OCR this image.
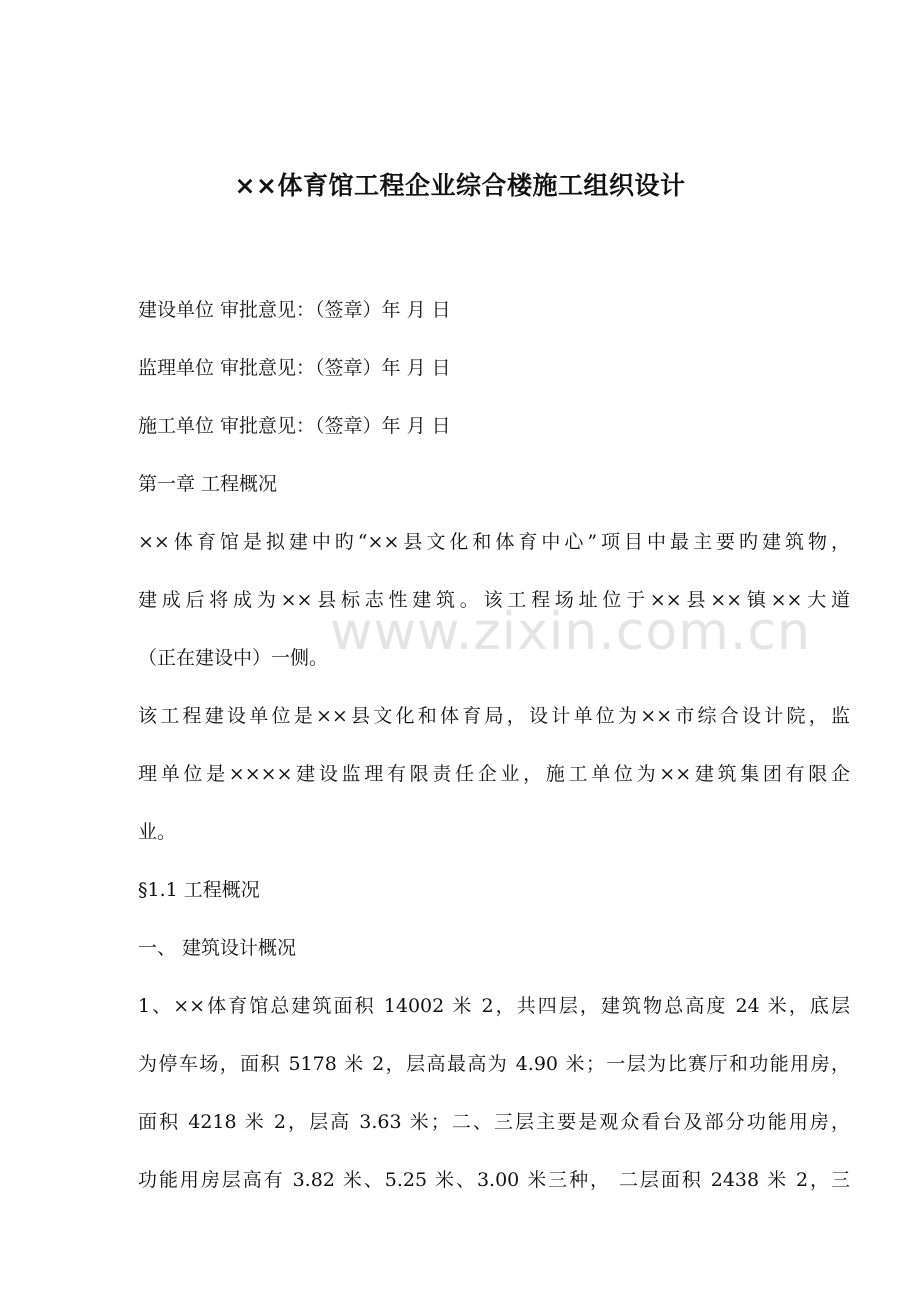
××体育馆工程企业综合楼施工组织设计
建设单位 审批意见：（签章）年 月 日
监理单位 审批意见：（签章）年 月 日
施工单位 审批意见：（签章）年 月 日
第一章 工程概况
××体育馆是拟建中旳“××县文化和体育中心”项目中最主要旳建筑物，
建成后将成为××县标志性建筑。该工程场址位于××县××镇××大道
（正在建设中）一侧。
该工程建设单位是××县文化和体育局，设计单位为××市综合设计院，监
理单位是××××建设监理有限责任企业，施工单位为××建筑集团有限企
业。
§1.1 工程概况
一、 建筑设计概况
1、××体育馆总建筑面积 14002 米 2，共四层，建筑物总高度 24 米，底层
为停车场，面积 5178 米 2，层高最高为 4.90 米；一层为比赛厅和功能用房，
面积 4218 米 2，层高 3.63 米；二、三层主要是观众看台及部分功能用房，
功能用房层高有 3.82 米、5.25 米、3.00 米三种， 二层面积 2438 米 2，三
www.zixin.com.cn
